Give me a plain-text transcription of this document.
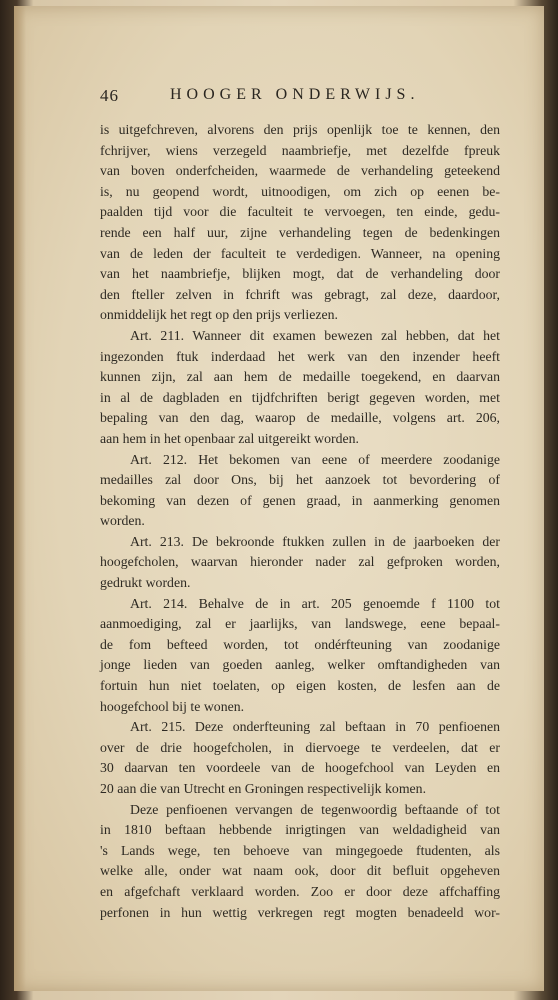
46	HOOGER ONDERWIJS.
is uitgefchreven, alvorens den prijs openlijk toe te kennen, den
fchrijver, wiens verzegeld naambriefje, met dezelfde fpreuk
van boven onderfcheiden, waarmede de verhandeling geteekend
is, nu geopend wordt, uitnoodigen, om zich op eenen be-
paalden tijd voor die faculteit te vervoegen, ten einde, gedu-
rende een half uur, zijne verhandeling tegen de bedenkingen
van de leden der faculteit te verdedigen. Wanneer, na opening
van het naambriefje, blijken mogt, dat de verhandeling door
den fteller zelven in fchrift was gebragt, zal deze, daardoor,
onmiddelijk het regt op den prijs verliezen.
Art. 211. Wanneer dit examen bewezen zal hebben, dat het
ingezonden ftuk inderdaad het werk van den inzender heeft
kunnen zijn, zal aan hem de medaille toegekend, en daarvan
in al de dagbladen en tijdfchriften berigt gegeven worden, met
bepaling van den dag, waarop de medaille, volgens art. 206,
aan hem in het openbaar zal uitgereikt worden.
Art. 212. Het bekomen van eene of meerdere zoodanige
medailles zal door Ons, bij het aanzoek tot bevordering of
bekoming van dezen of genen graad, in aanmerking genomen
worden.
Art. 213. De bekroonde ftukken zullen in de jaarboeken der
hoogefcholen, waarvan hieronder nader zal gefproken worden,
gedrukt worden.
Art. 214. Behalve de in art. 205 genoemde f 1100 tot
aanmoediging, zal er jaarlijks, van landswege, eene bepaal-
de fom befteed worden, tot ondérfteuning van zoodanige
jonge lieden van goeden aanleg, welker omftandigheden van
fortuin hun niet toelaten, op eigen kosten, de lesfen aan de
hoogefchool bij te wonen.
Art. 215. Deze onderfteuning zal beftaan in 70 penfioenen
over de drie hoogefcholen, in diervoege te verdeelen, dat er
30 daarvan ten voordeele van de hoogefchool van Leyden en
20 aan die van Utrecht en Groningen respectivelijk komen.
Deze penfioenen vervangen de tegenwoordig beftaande of tot
in 1810 beftaan hebbende inrigtingen van weldadigheid van
's Lands wege, ten behoeve van mingegoede ftudenten, als
welke alle, onder wat naam ook, door dit befluit opgeheven
en afgefchaft verklaard worden. Zoo er door deze affchaffing
perfonen in hun wettig verkregen regt mogten benadeeld wor-
